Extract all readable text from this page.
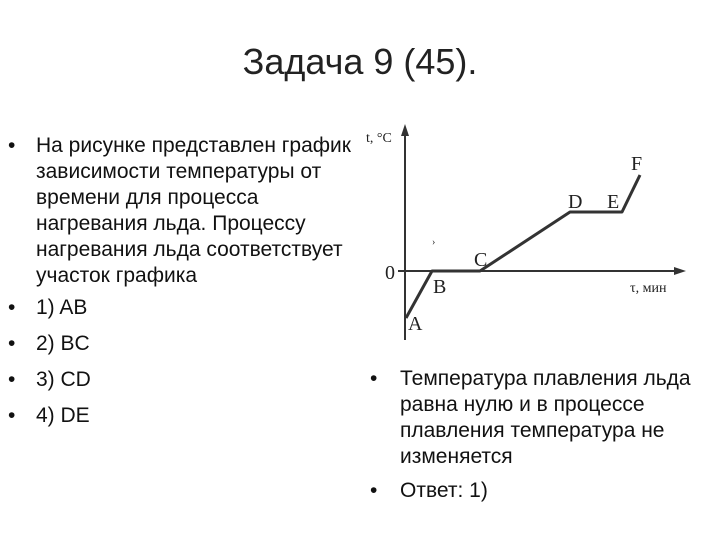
Задача 9 (45).
• На рисунке представлен график зависимости температуры от времени для процесса нагревания льда. Процессу нагревания льда соответствует участок графика
• 1) AB
• 2) BC
• 3) CD
• 4) DE
›
t, °C
τ, мин
0
A
B
C
D E
F
• Температура плавления льда равна нулю и в процессе плавления температура не изменяется
• Ответ: 1)
